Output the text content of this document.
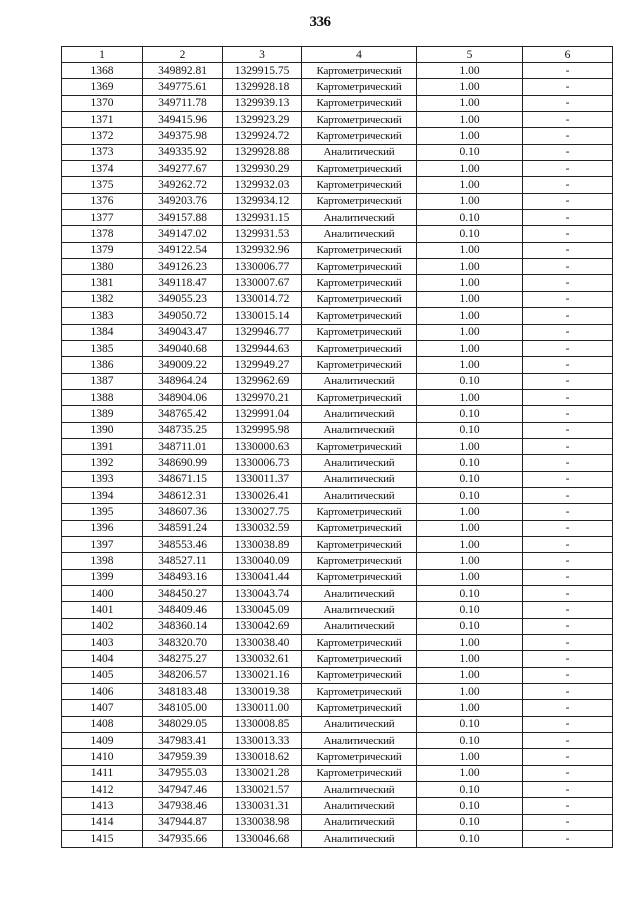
336
1	2	3	4	5	6
1368	349892.81	1329915.75	Картометрический	1.00	-
1369	349775.61	1329928.18	Картометрический	1.00	-
1370	349711.78	1329939.13	Картометрический	1.00	-
1371	349415.96	1329923.29	Картометрический	1.00	-
1372	349375.98	1329924.72	Картометрический	1.00	-
1373	349335.92	1329928.88	Аналитический	0.10	-
1374	349277.67	1329930.29	Картометрический	1.00	-
1375	349262.72	1329932.03	Картометрический	1.00	-
1376	349203.76	1329934.12	Картометрический	1.00	-
1377	349157.88	1329931.15	Аналитический	0.10	-
1378	349147.02	1329931.53	Аналитический	0.10	-
1379	349122.54	1329932.96	Картометрический	1.00	-
1380	349126.23	1330006.77	Картометрический	1.00	-
1381	349118.47	1330007.67	Картометрический	1.00	-
1382	349055.23	1330014.72	Картометрический	1.00	-
1383	349050.72	1330015.14	Картометрический	1.00	-
1384	349043.47	1329946.77	Картометрический	1.00	-
1385	349040.68	1329944.63	Картометрический	1.00	-
1386	349009.22	1329949.27	Картометрический	1.00	-
1387	348964.24	1329962.69	Аналитический	0.10	-
1388	348904.06	1329970.21	Картометрический	1.00	-
1389	348765.42	1329991.04	Аналитический	0.10	-
1390	348735.25	1329995.98	Аналитический	0.10	-
1391	348711.01	1330000.63	Картометрический	1.00	-
1392	348690.99	1330006.73	Аналитический	0.10	-
1393	348671.15	1330011.37	Аналитический	0.10	-
1394	348612.31	1330026.41	Аналитический	0.10	-
1395	348607.36	1330027.75	Картометрический	1.00	-
1396	348591.24	1330032.59	Картометрический	1.00	-
1397	348553.46	1330038.89	Картометрический	1.00	-
1398	348527.11	1330040.09	Картометрический	1.00	-
1399	348493.16	1330041.44	Картометрический	1.00	-
1400	348450.27	1330043.74	Аналитический	0.10	-
1401	348409.46	1330045.09	Аналитический	0.10	-
1402	348360.14	1330042.69	Аналитический	0.10	-
1403	348320.70	1330038.40	Картометрический	1.00	-
1404	348275.27	1330032.61	Картометрический	1.00	-
1405	348206.57	1330021.16	Картометрический	1.00	-
1406	348183.48	1330019.38	Картометрический	1.00	-
1407	348105.00	1330011.00	Картометрический	1.00	-
1408	348029.05	1330008.85	Аналитический	0.10	-
1409	347983.41	1330013.33	Аналитический	0.10	-
1410	347959.39	1330018.62	Картометрический	1.00	-
1411	347955.03	1330021.28	Картометрический	1.00	-
1412	347947.46	1330021.57	Аналитический	0.10	-
1413	347938.46	1330031.31	Аналитический	0.10	-
1414	347944.87	1330038.98	Аналитический	0.10	-
1415	347935.66	1330046.68	Аналитический	0.10	-
